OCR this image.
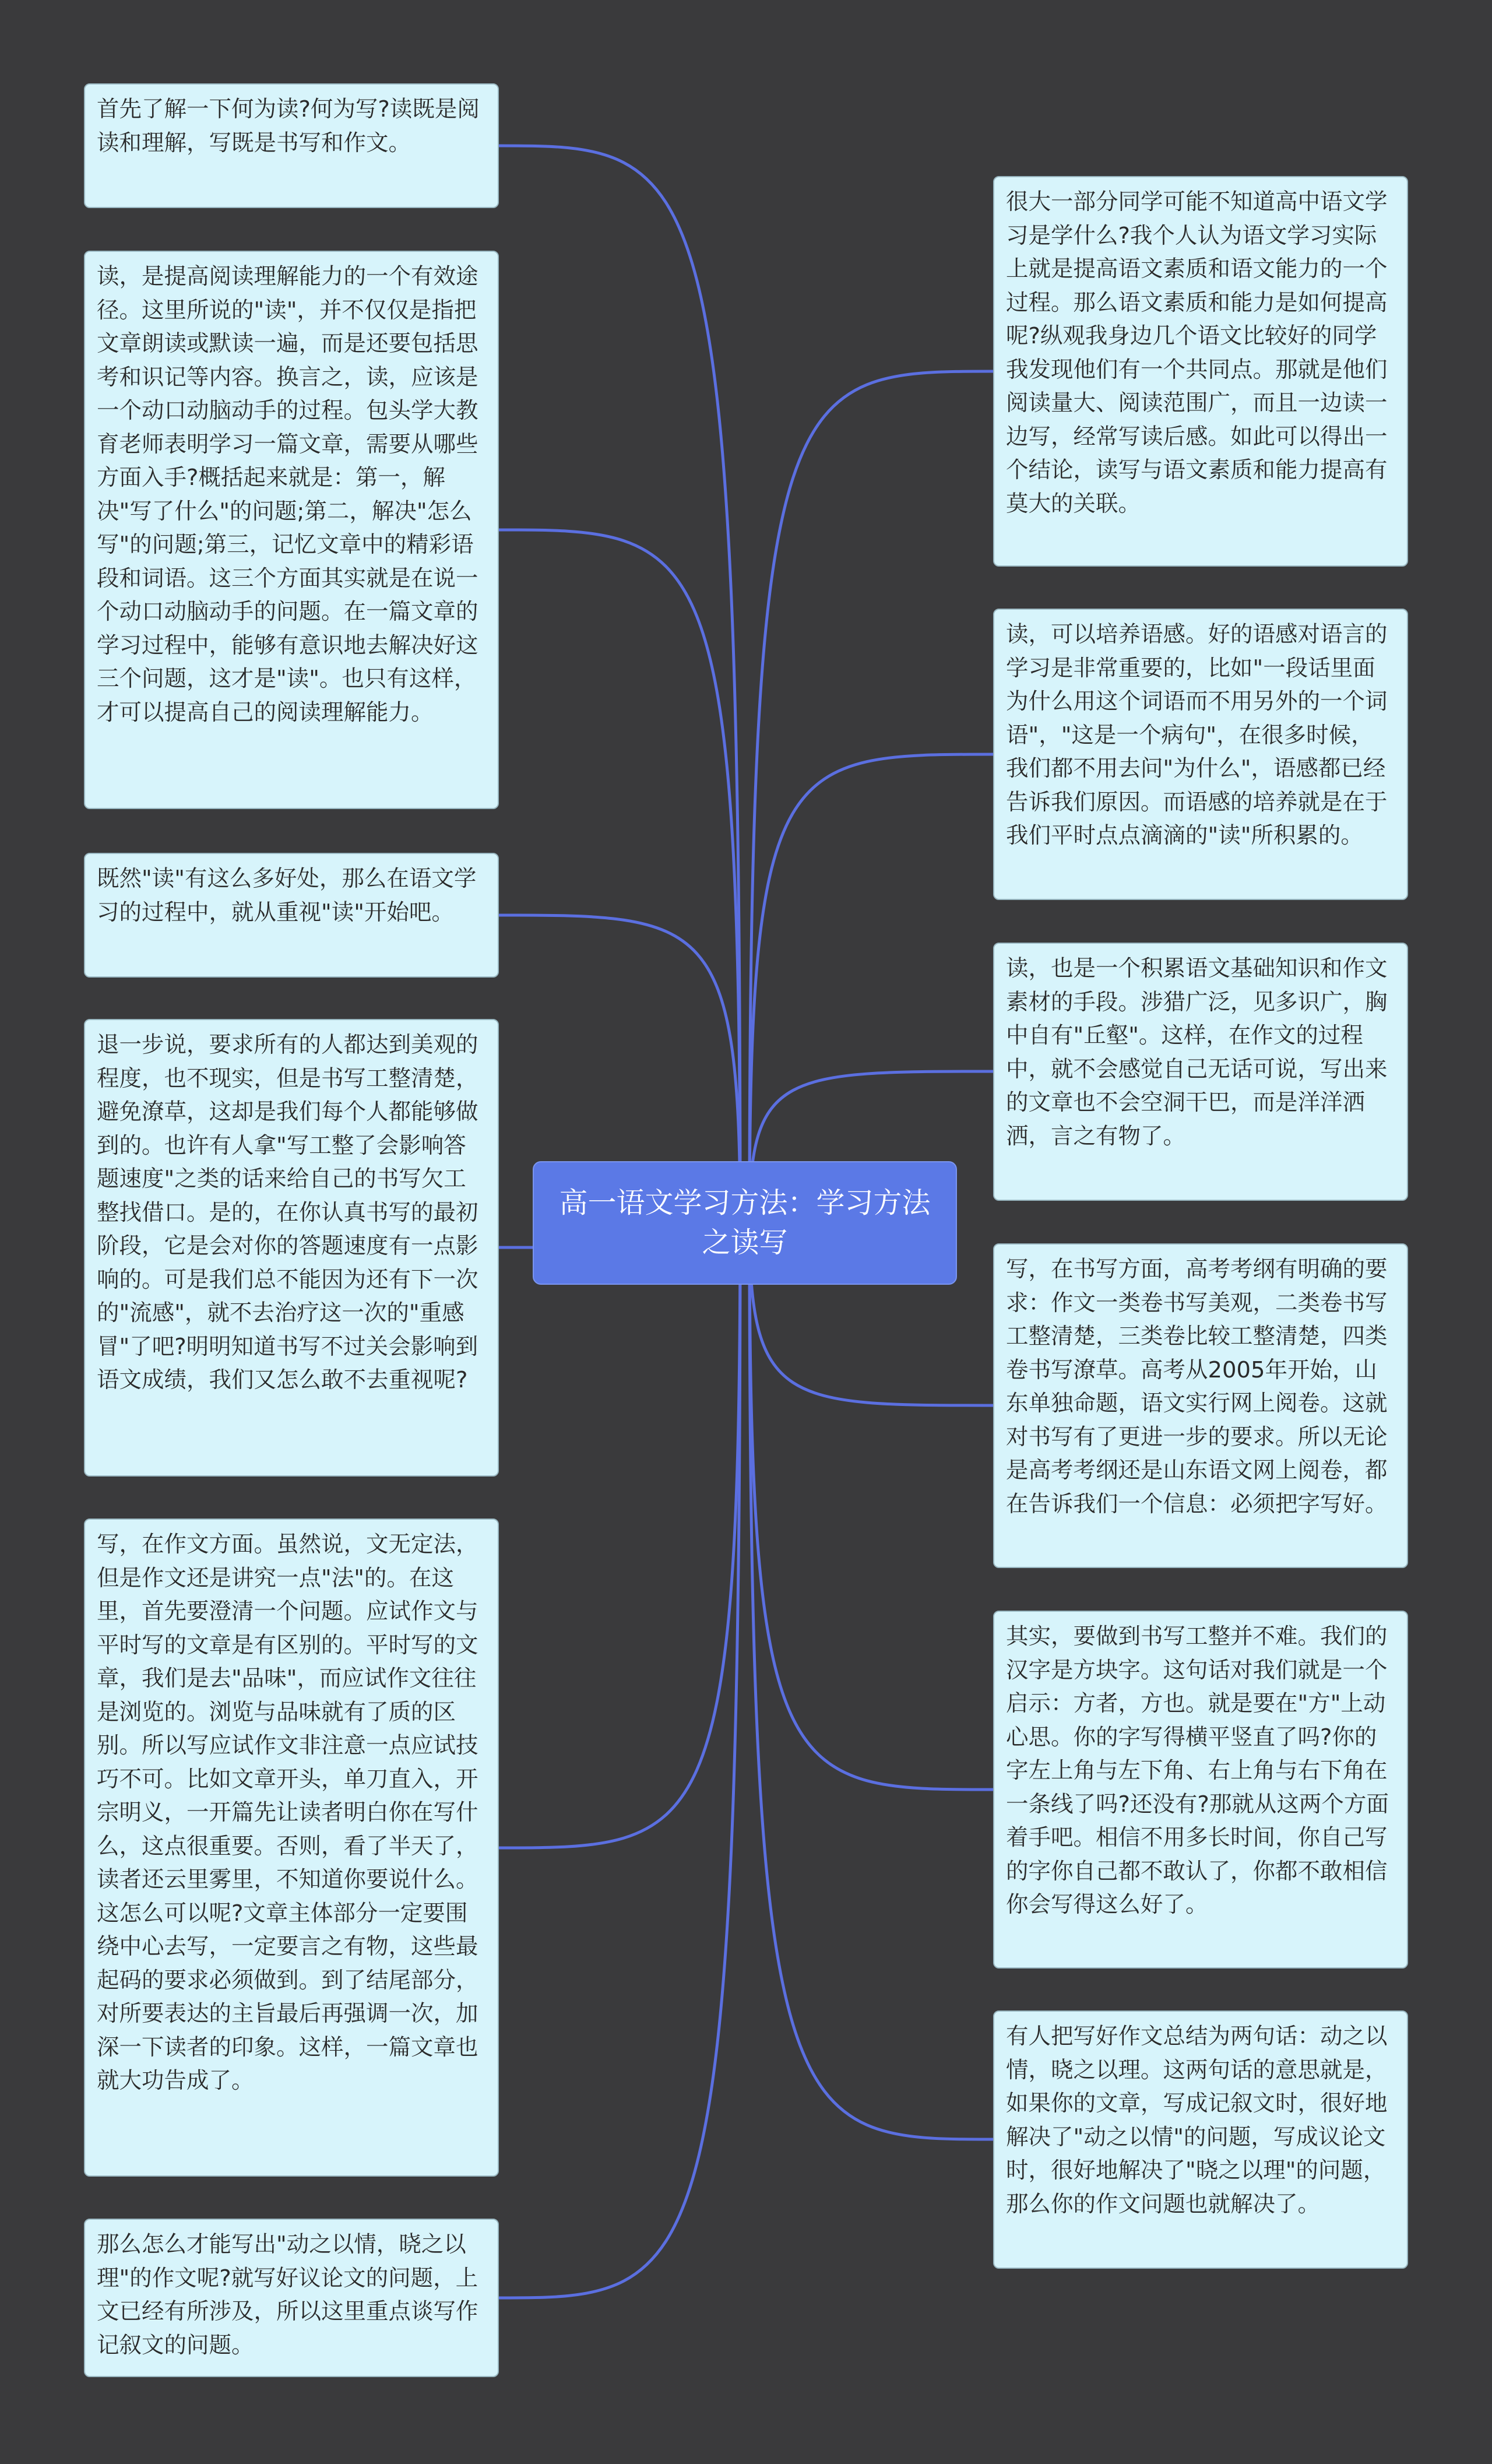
首先了解一下何为读?何为写?读既是阅读和理解，写既是书写和作文。
读，是提高阅读理解能力的一个有效途径。这里所说的"读"，并不仅仅是指把文章朗读或默读一遍，而是还要包括思考和识记等内容。换言之，读，应该是一个动口动脑动手的过程。包头学大教育老师表明学习一篇文章，需要从哪些方面入手?概括起来就是：第一，解决"写了什么"的问题;第二，解决"怎么写"的问题;第三，记忆文章中的精彩语段和词语。这三个方面其实就是在说一个动口动脑动手的问题。在一篇文章的学习过程中，能够有意识地去解决好这三个问题，这才是"读"。也只有这样，才可以提高自己的阅读理解能力。
既然"读"有这么多好处，那么在语文学习的过程中，就从重视"读"开始吧。
退一步说，要求所有的人都达到美观的程度，也不现实，但是书写工整清楚，避免潦草，这却是我们每个人都能够做到的。也许有人拿"写工整了会影响答题速度"之类的话来给自己的书写欠工整找借口。是的，在你认真书写的最初阶段，它是会对你的答题速度有一点影响的。可是我们总不能因为还有下一次的"流感"，就不去治疗这一次的"重感冒"了吧?明明知道书写不过关会影响到语文成绩，我们又怎么敢不去重视呢?
写，在作文方面。虽然说，文无定法，但是作文还是讲究一点"法"的。在这里，首先要澄清一个问题。应试作文与平时写的文章是有区别的。平时写的文章，我们是去"品味"，而应试作文往往是浏览的。浏览与品味就有了质的区别。所以写应试作文非注意一点应试技巧不可。比如文章开头，单刀直入，开宗明义，一开篇先让读者明白你在写什么，这点很重要。否则，看了半天了，读者还云里雾里，不知道你要说什么。这怎么可以呢?文章主体部分一定要围绕中心去写，一定要言之有物，这些最起码的要求必须做到。到了结尾部分，对所要表达的主旨最后再强调一次，加深一下读者的印象。这样，一篇文章也就大功告成了。
那么怎么才能写出"动之以情，晓之以理"的作文呢?就写好议论文的问题，上文已经有所涉及，所以这里重点谈写作记叙文的问题。
高一语文学习方法：学习方法之读写
很大一部分同学可能不知道高中语文学习是学什么?我个人认为语文学习实际上就是提高语文素质和语文能力的一个过程。那么语文素质和能力是如何提高呢?纵观我身边几个语文比较好的同学我发现他们有一个共同点。那就是他们阅读量大、阅读范围广，而且一边读一边写，经常写读后感。如此可以得出一个结论，读写与语文素质和能力提高有莫大的关联。
读，可以培养语感。好的语感对语言的学习是非常重要的，比如"一段话里面为什么用这个词语而不用另外的一个词语"，"这是一个病句"，在很多时候，我们都不用去问"为什么"，语感都已经告诉我们原因。而语感的培养就是在于我们平时点点滴滴的"读"所积累的。
读，也是一个积累语文基础知识和作文素材的手段。涉猎广泛，见多识广，胸中自有"丘壑"。这样，在作文的过程中，就不会感觉自己无话可说，写出来的文章也不会空洞干巴，而是洋洋洒洒，言之有物了。
写，在书写方面，高考考纲有明确的要求：作文一类卷书写美观，二类卷书写工整清楚，三类卷比较工整清楚，四类卷书写潦草。高考从2005年开始，山东单独命题，语文实行网上阅卷。这就对书写有了更进一步的要求。所以无论是高考考纲还是山东语文网上阅卷，都在告诉我们一个信息：必须把字写好。
其实，要做到书写工整并不难。我们的汉字是方块字。这句话对我们就是一个启示：方者，方也。就是要在"方"上动心思。你的字写得横平竖直了吗?你的字左上角与左下角、右上角与右下角在一条线了吗?还没有?那就从这两个方面着手吧。相信不用多长时间，你自己写的字你自己都不敢认了，你都不敢相信你会写得这么好了。
有人把写好作文总结为两句话：动之以情，晓之以理。这两句话的意思就是，如果你的文章，写成记叙文时，很好地解决了"动之以情"的问题，写成议论文时，很好地解决了"晓之以理"的问题，那么你的作文问题也就解决了。
